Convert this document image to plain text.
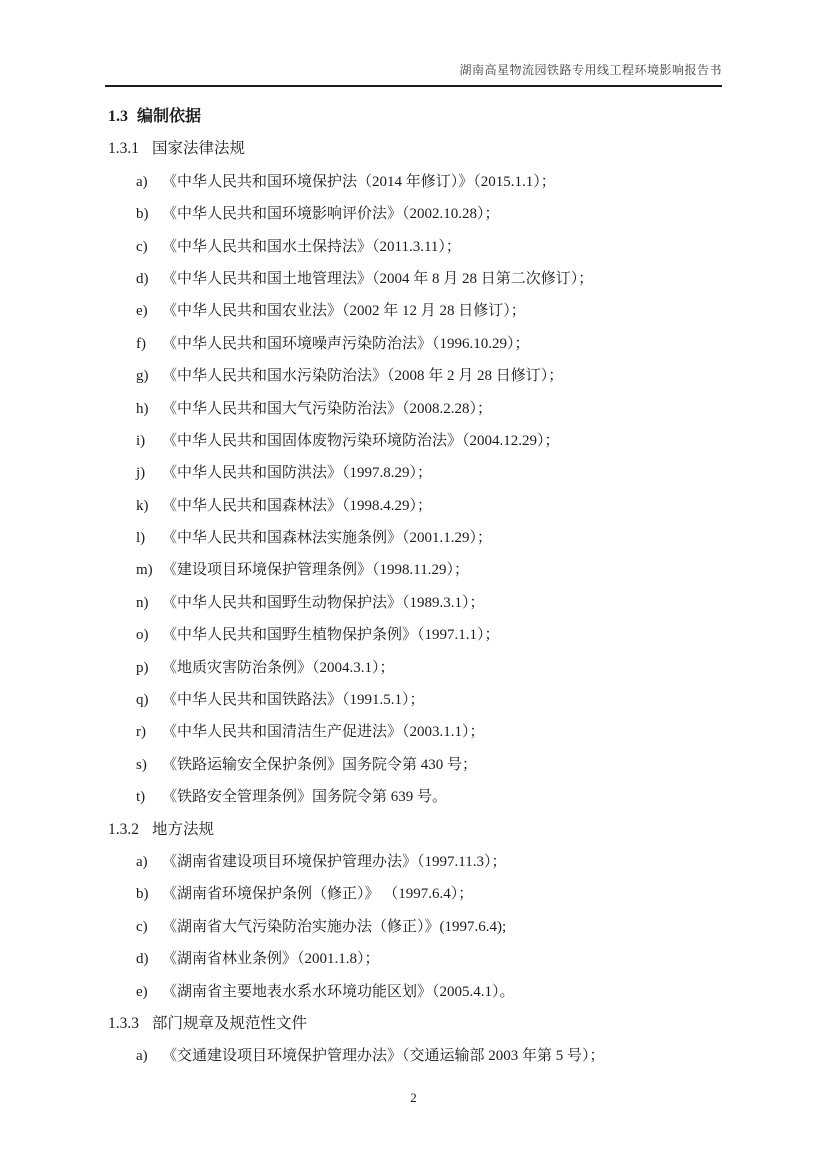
湖南高星物流园铁路专用线工程环境影响报告书
1.3 编制依据
1.3.1 国家法律法规
a) 《中华人民共和国环境保护法（2014 年修订）》（2015.1.1）；
b) 《中华人民共和国环境影响评价法》（2002.10.28）；
c) 《中华人民共和国水土保持法》（2011.3.11）；
d) 《中华人民共和国土地管理法》（2004 年 8 月 28 日第二次修订）；
e) 《中华人民共和国农业法》（2002 年 12 月 28 日修订）；
f) 《中华人民共和国环境噪声污染防治法》（1996.10.29）；
g) 《中华人民共和国水污染防治法》（2008 年 2 月 28 日修订）；
h) 《中华人民共和国大气污染防治法》（2008.2.28）；
i) 《中华人民共和国固体废物污染环境防治法》（2004.12.29）；
j) 《中华人民共和国防洪法》（1997.8.29）；
k) 《中华人民共和国森林法》（1998.4.29）；
l) 《中华人民共和国森林法实施条例》（2001.1.29）；
m) 《建设项目环境保护管理条例》（1998.11.29）；
n) 《中华人民共和国野生动物保护法》（1989.3.1）；
o) 《中华人民共和国野生植物保护条例》（1997.1.1）；
p) 《地质灾害防治条例》（2004.3.1）；
q) 《中华人民共和国铁路法》（1991.5.1）；
r) 《中华人民共和国清洁生产促进法》（2003.1.1）；
s) 《铁路运输安全保护条例》国务院令第 430 号；
t) 《铁路安全管理条例》国务院令第 639 号。
1.3.2 地方法规
a) 《湖南省建设项目环境保护管理办法》（1997.11.3）；
b) 《湖南省环境保护条例（修正）》 （1997.6.4）；
c) 《湖南省大气污染防治实施办法（修正）》(1997.6.4);
d) 《湖南省林业条例》（2001.1.8）；
e) 《湖南省主要地表水系水环境功能区划》（2005.4.1）。
1.3.3 部门规章及规范性文件
a) 《交通建设项目环境保护管理办法》（交通运输部 2003 年第 5 号）；
2
